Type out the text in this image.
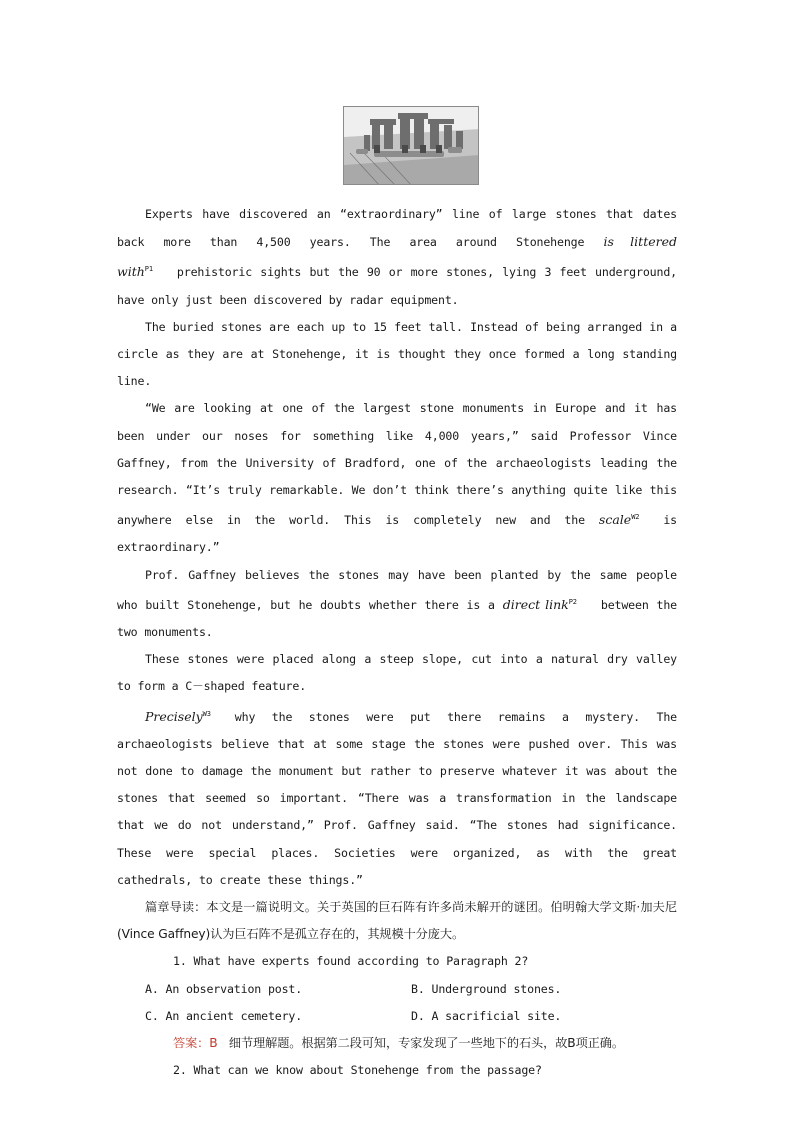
Experts have discovered an “extraordinary” line of large stones that dates back more than 4,500 years. The area around Stonehenge is littered with$^{P1}$ prehistoric sights but the 90 or more stones, lying 3 feet underground, have only just been discovered by radar equipment.

The buried stones are each up to 15 feet tall. Instead of being arranged in a circle as they are at Stonehenge, it is thought they once formed a long standing line.

“We are looking at one of the largest stone monuments in Europe and it has been under our noses for something like 4,000 years,” said Professor Vince Gaffney, from the University of Bradford, one of the archaeologists leading the research. “It’s truly remarkable. We don’t think there’s anything quite like this anywhere else in the world. This is completely new and the scale$^{W2}$ is extraordinary.”

Prof. Gaffney believes the stones may have been planted by the same people who built Stonehenge, but he doubts whether there is a direct link$^{P2}$ between the two monuments.

These stones were placed along a steep slope, cut into a natural dry valley to form a C－shaped feature.

Precisely$^{W3}$ why the stones were put there remains a mystery. The archaeologists believe that at some stage the stones were pushed over. This was not done to damage the monument but rather to preserve whatever it was about the stones that seemed so important. “There was a transformation in the landscape that we do not understand,” Prof. Gaffney said. “The stones had significance. These were special places. Societies were organized, as with the great cathedrals, to create these things.”

篇章导读：本文是一篇说明文。关于英国的巨石阵有许多尚未解开的谜团。伯明翰大学文斯·加夫尼(Vince Gaffney)认为巨石阵不是孤立存在的，其规模十分庞大。

1. What have experts found according to Paragraph 2?

A. An observation post.	B. Underground stones.
C. An ancient cemetery.	D. A sacrificial site.

答案：B 细节理解题。根据第二段可知，专家发现了一些地下的石头，故B项正确。

2. What can we know about Stonehenge from the passage?
